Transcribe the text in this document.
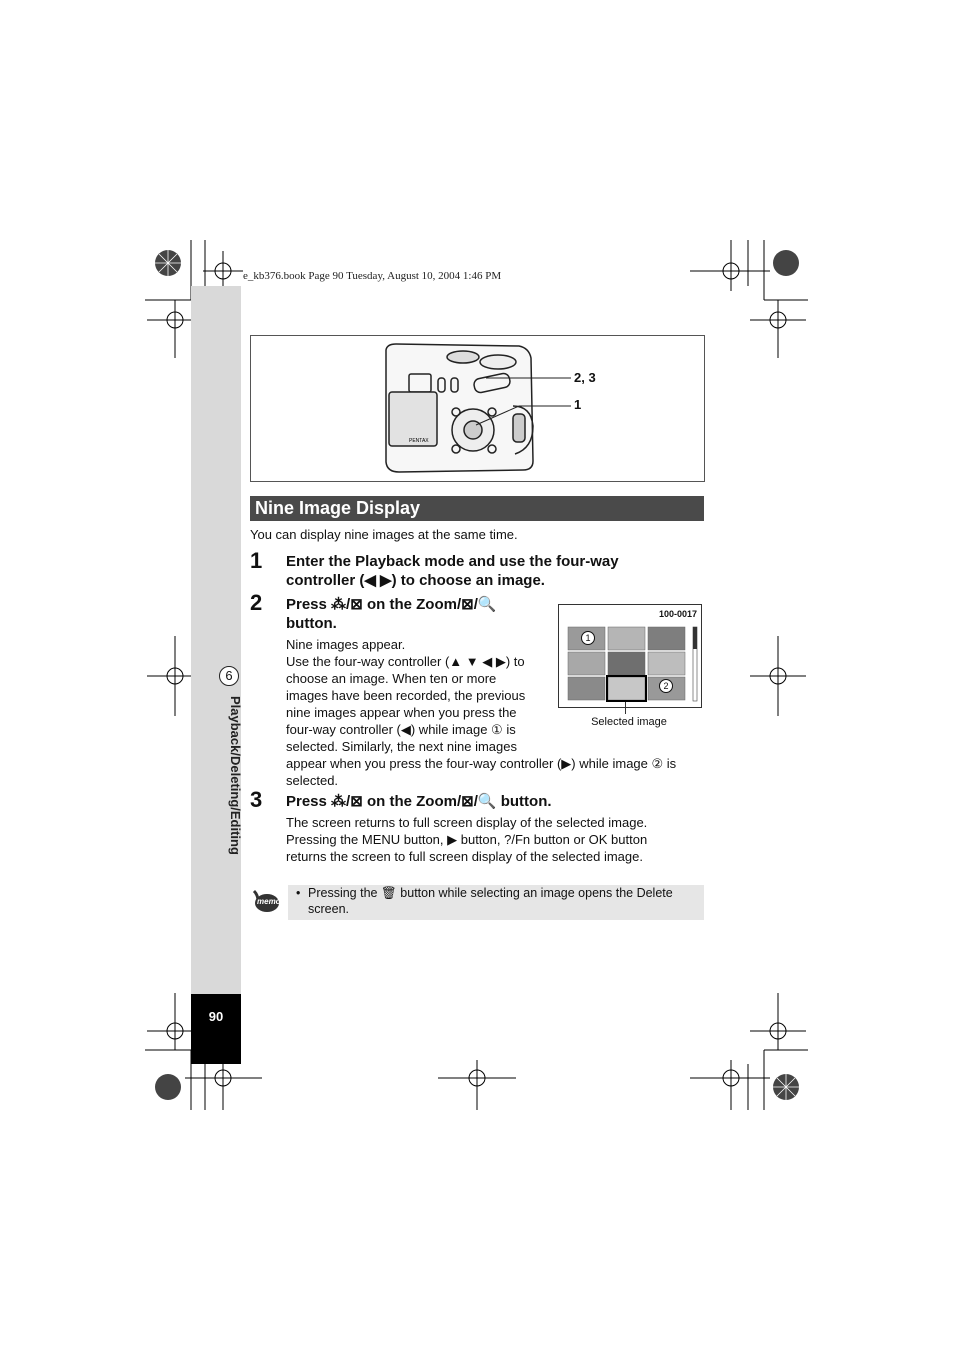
e_kb376.book Page 90 Tuesday, August 10, 2004 1:46 PM
90
6
Playback/Deleting/Editing
PENTAX
2, 3
1
Nine Image Display
You can display nine images at the same time.
1 Enter the Playback mode and use the four-way
controller (◀ ▶) to choose an image.
2 Press ⁂/⊠ on the Zoom/⊠/🔍
button.
Nine images appear.
Use the four-way controller (▲ ▼ ◀ ▶) to
choose an image. When ten or more
images have been recorded, the previous
nine images appear when you press the
four-way controller (◀) while image ① is
selected. Similarly, the next nine images
appear when you press the four-way controller (▶) while image ② is
selected.
100-0017
1
2
Selected image
3 Press ⁂/⊠ on the Zoom/⊠/🔍 button.
The screen returns to full screen display of the selected image.
Pressing the MENU button, ▶ button, ?/Fn button or OK button
returns the screen to full screen display of the selected image.
memo
• Pressing the 🗑 button while selecting an image opens the Delete
screen.
